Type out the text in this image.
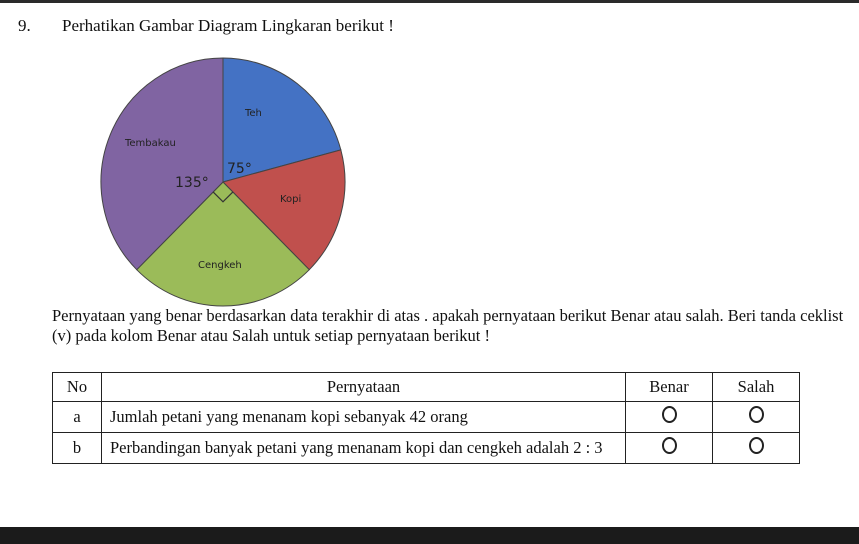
9. Perhatikan Gambar Diagram Lingkaran berikut !
Teh
Kopi
Cengkeh
Tembakau
75°
135°
Pernyataan yang benar berdasarkan data terakhir di atas . apakah pernyataan berikut Benar atau salah. Beri tanda ceklist (v) pada kolom Benar atau Salah untuk setiap pernyataan berikut !
No	Pernyataan	Benar	Salah
a	Jumlah petani yang menanam kopi sebanyak 42 orang		
b	Perbandingan banyak petani yang menanam kopi dan cengkeh adalah 2 : 3		
